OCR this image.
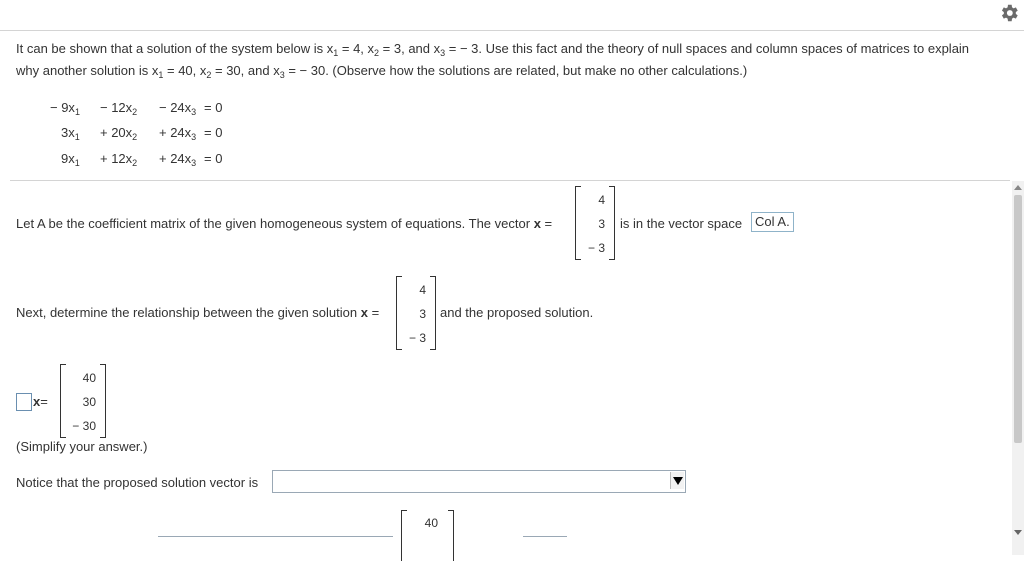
It can be shown that a solution of the system below is $x_1 = 4$, $x_2 = 3$, and $x_3$ = − 3. Use this fact and the theory of null spaces and column spaces of matrices to explain
why another solution is $x_1 = 40$, $x_2 = 30$, and $x_3$ = − 30. (Observe how the solutions are related, but make no other calculations.)
− $9x_1 - 12x_2 - 24x_3 = 0$
$3x_1 + 20x_2 + 24x_3 = 0$
$9x_1 + 12x_2 + 24x_3 = 0$
Let A be the coefficient matrix of the given homogeneous system of equations. The vector x =
4
3
− 3
is in the vector space Col A.
Next, determine the relationship between the given solution x =
4
3
− 3
and the proposed solution.
x=
40
30
− 30
(Simplify your answer.)
Notice that the proposed solution vector is
40
